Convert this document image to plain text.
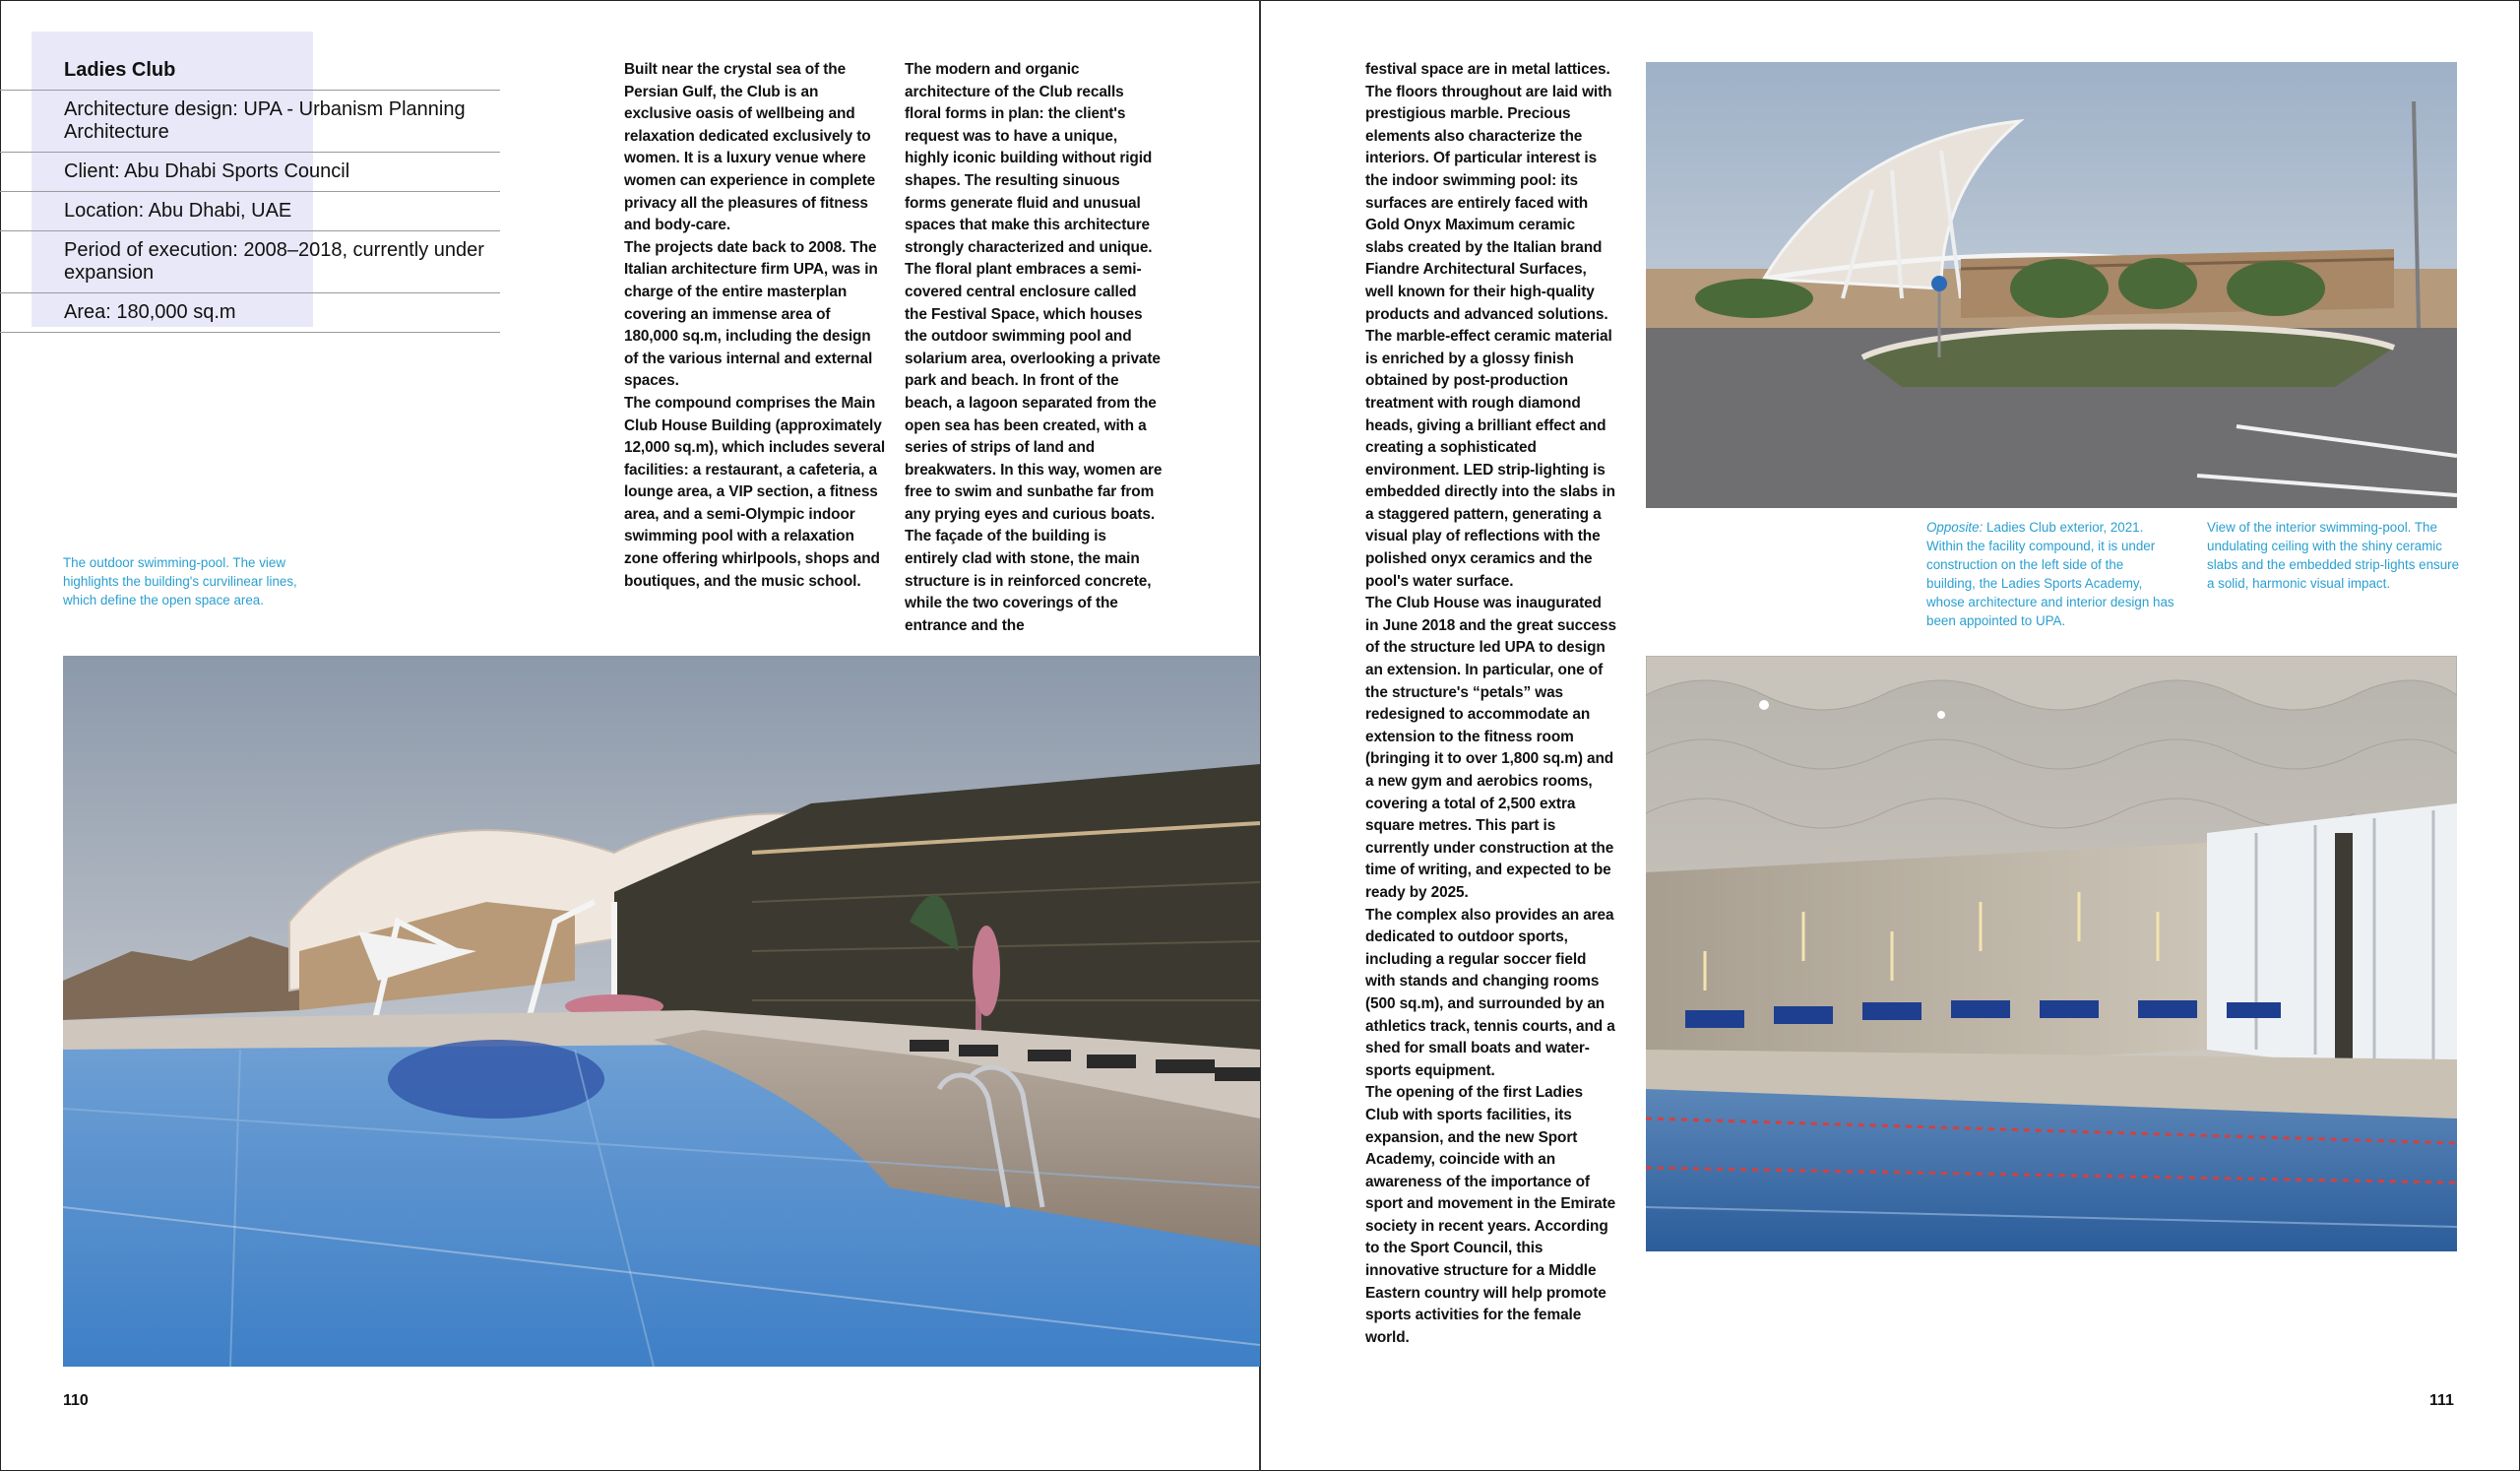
Ladies Club
Architecture design: UPA - Urbanism Planning Architecture
Client: Abu Dhabi Sports Council
Location: Abu Dhabi, UAE
Period of execution: 2008–2018, currently under expansion
Area: 180,000 sq.m

Built near the crystal sea of the Persian Gulf, the Club is an exclusive oasis of wellbeing and relaxation dedicated exclusively to women. It is a luxury venue where women can experience in complete privacy all the pleasures of fitness and body-care.

The projects date back to 2008. The Italian architecture firm UPA, was in charge of the entire masterplan covering an immense area of 180,000 sq.m, including the design of the various internal and external spaces.

The compound comprises the Main Club House Building (approximately 12,000 sq.m), which includes several facilities: a restaurant, a cafeteria, a lounge area, a VIP section, a fitness area, and a semi-Olympic indoor swimming pool with a relaxation zone offering whirlpools, shops and boutiques, and the music school.

The modern and organic architecture of the Club recalls floral forms in plan: the client's request was to have a unique, highly iconic building without rigid shapes. The resulting sinuous forms generate fluid and unusual spaces that make this architecture strongly characterized and unique. The floral plant embraces a semi-covered central enclosure called the Festival Space, which houses the outdoor swimming pool and solarium area, overlooking a private park and beach. In front of the beach, a lagoon separated from the open sea has been created, with a series of strips of land and breakwaters. In this way, women are free to swim and sunbathe far from any prying eyes and curious boats.

The façade of the building is entirely clad with stone, the main structure is in reinforced concrete, while the two coverings of the entrance and the

festival space are in metal lattices. The floors throughout are laid with prestigious marble. Precious elements also characterize the interiors. Of particular interest is the indoor swimming pool: its surfaces are entirely faced with Gold Onyx Maximum ceramic slabs created by the Italian brand Fiandre Architectural Surfaces, well known for their high-quality products and advanced solutions.

The marble-effect ceramic material is enriched by a glossy finish obtained by post-production treatment with rough diamond heads, giving a brilliant effect and creating a sophisticated environment. LED strip-lighting is embedded directly into the slabs in a staggered pattern, generating a visual play of reflections with the polished onyx ceramics and the pool's water surface.

The Club House was inaugurated in June 2018 and the great success of the structure led UPA to design an extension. In particular, one of the structure's “petals” was redesigned to accommodate an extension to the fitness room (bringing it to over 1,800 sq.m) and a new gym and aerobics rooms, covering a total of 2,500 extra square metres. This part is currently under construction at the time of writing, and expected to be ready by 2025.

The complex also provides an area dedicated to outdoor sports, including a regular soccer field with stands and changing rooms (500 sq.m), and surrounded by an athletics track, tennis courts, and a shed for small boats and water-sports equipment.

The opening of the first Ladies Club with sports facilities, its expansion, and the new Sport Academy, coincide with an awareness of the importance of sport and movement in the Emirate society in recent years. According to the Sport Council, this innovative structure for a Middle Eastern country will help promote sports activities for the female world.

The outdoor swimming-pool. The view highlights the building's curvilinear lines, which define the open space area.
Opposite: Ladies Club exterior, 2021. Within the facility compound, it is under construction on the left side of the building, the Ladies Sports Academy, whose architecture and interior design has been appointed to UPA.
View of the interior swimming-pool. The undulating ceiling with the shiny ceramic slabs and the embedded strip-lights ensure a solid, harmonic visual impact.
110	111
